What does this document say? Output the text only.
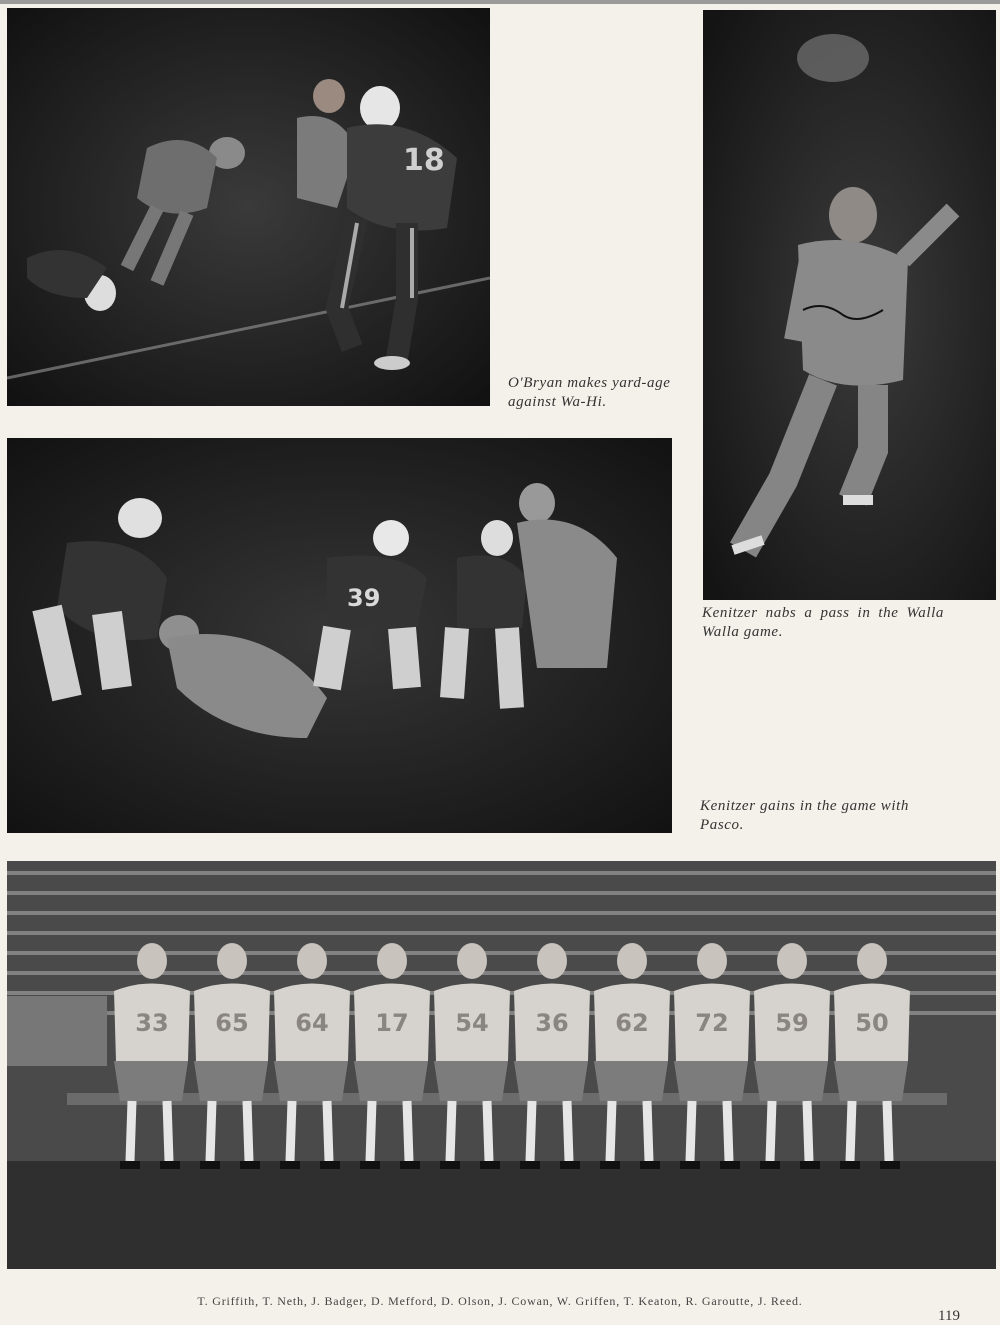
18
O'Bryan makes yard-age against Wa-Hi.
Kenitzer nabs a pass in the Walla Walla game.
39
Kenitzer gains in the game with Pasco.
33 65 64 17 54 36 62 72 59 50
T. Griffith, T. Neth, J. Badger, D. Mefford, D. Olson, J. Cowan, W. Griffen, T. Keaton, R. Garoutte, J. Reed.
119
